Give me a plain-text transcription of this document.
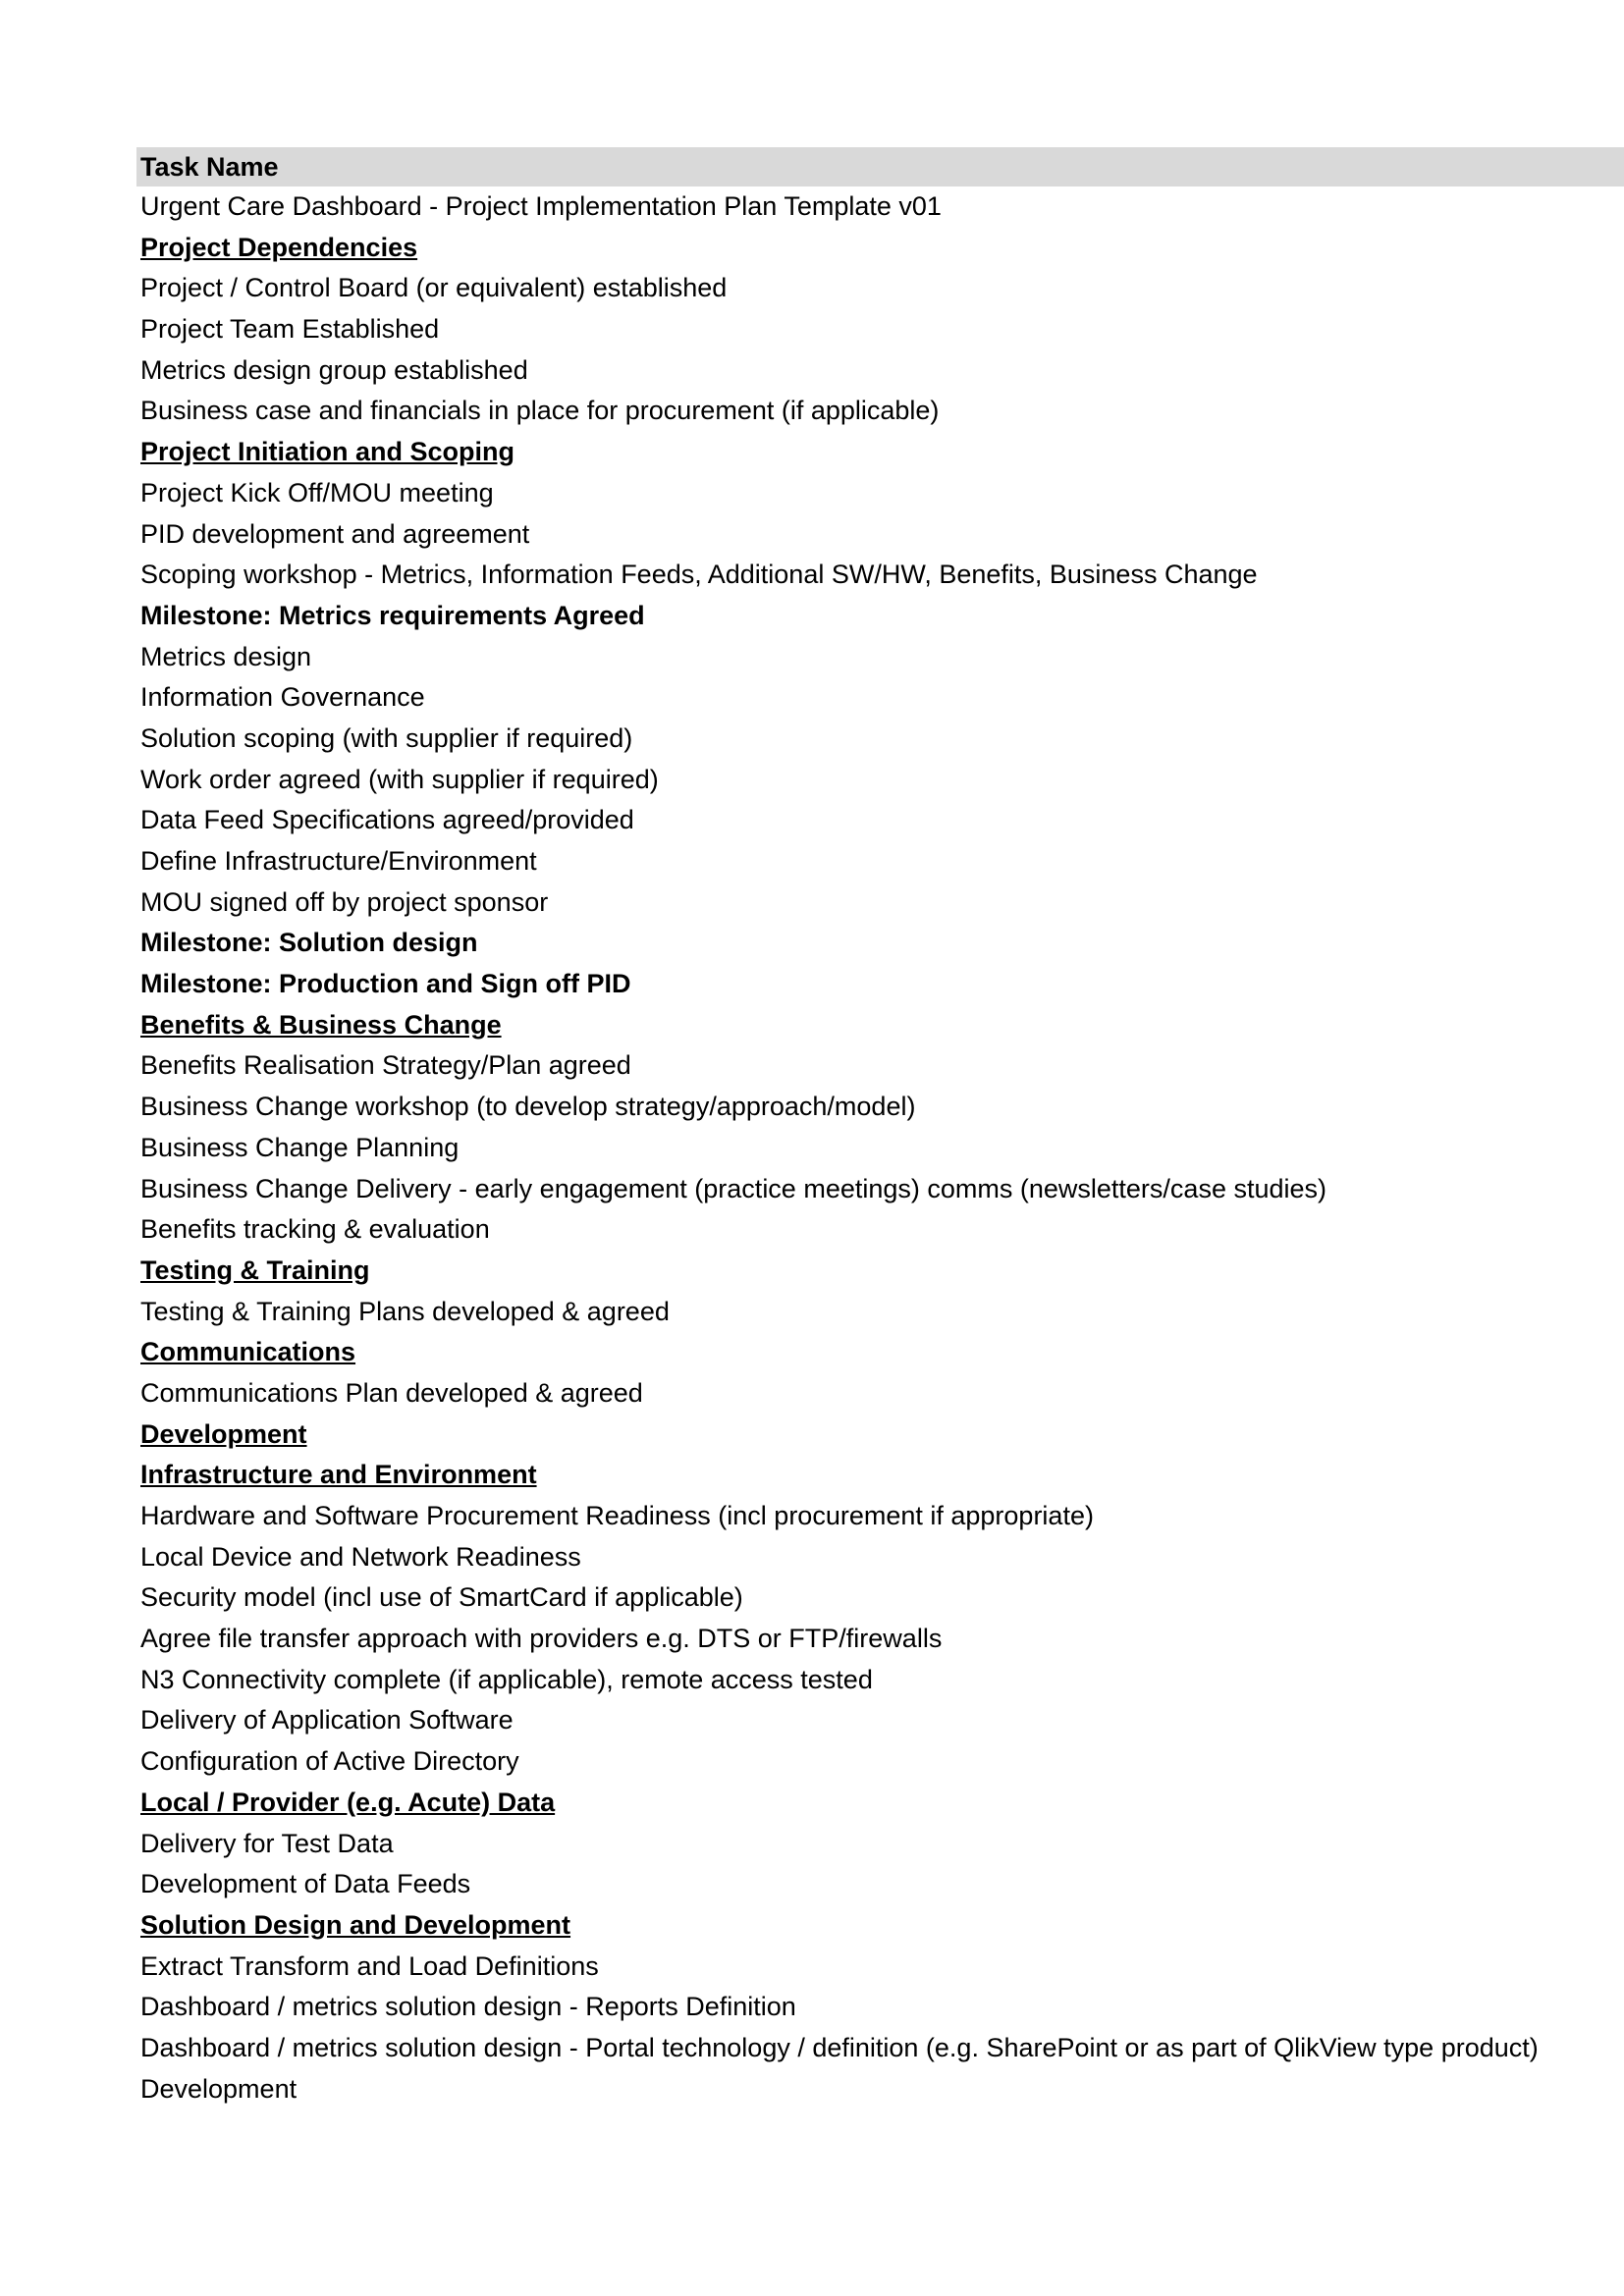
Task Name
Urgent Care Dashboard - Project Implementation Plan Template v01
Project Dependencies
Project / Control Board (or equivalent) established
Project Team Established
Metrics design group established
Business case and financials in place for procurement (if applicable)
Project Initiation and Scoping
Project Kick Off/MOU meeting
PID development and agreement
Scoping workshop - Metrics, Information Feeds, Additional SW/HW, Benefits, Business Change
Milestone: Metrics requirements Agreed
Metrics design
Information Governance
Solution scoping (with supplier if required)
Work order agreed (with supplier if required)
Data Feed Specifications agreed/provided
Define Infrastructure/Environment
MOU signed off by project sponsor
Milestone: Solution design
Milestone: Production and Sign off PID
Benefits & Business Change
Benefits Realisation Strategy/Plan agreed
Business Change workshop (to develop strategy/approach/model)
Business Change Planning
Business Change Delivery - early engagement (practice meetings) comms (newsletters/case studies)
Benefits tracking & evaluation
Testing & Training
Testing & Training Plans developed & agreed
Communications
Communications Plan developed & agreed
Development
Infrastructure and Environment
Hardware and Software Procurement Readiness (incl procurement if appropriate)
Local Device and Network Readiness
Security model (incl use of SmartCard if applicable)
Agree file transfer approach with providers e.g. DTS or FTP/firewalls
N3 Connectivity complete (if applicable), remote access tested
Delivery of Application Software
Configuration of Active Directory
Local / Provider (e.g. Acute) Data
Delivery for Test Data
Development of Data Feeds
Solution Design and Development
Extract Transform and Load Definitions
Dashboard / metrics solution design - Reports Definition
Dashboard / metrics solution design - Portal technology / definition (e.g. SharePoint or as part of QlikView type product)
Development
